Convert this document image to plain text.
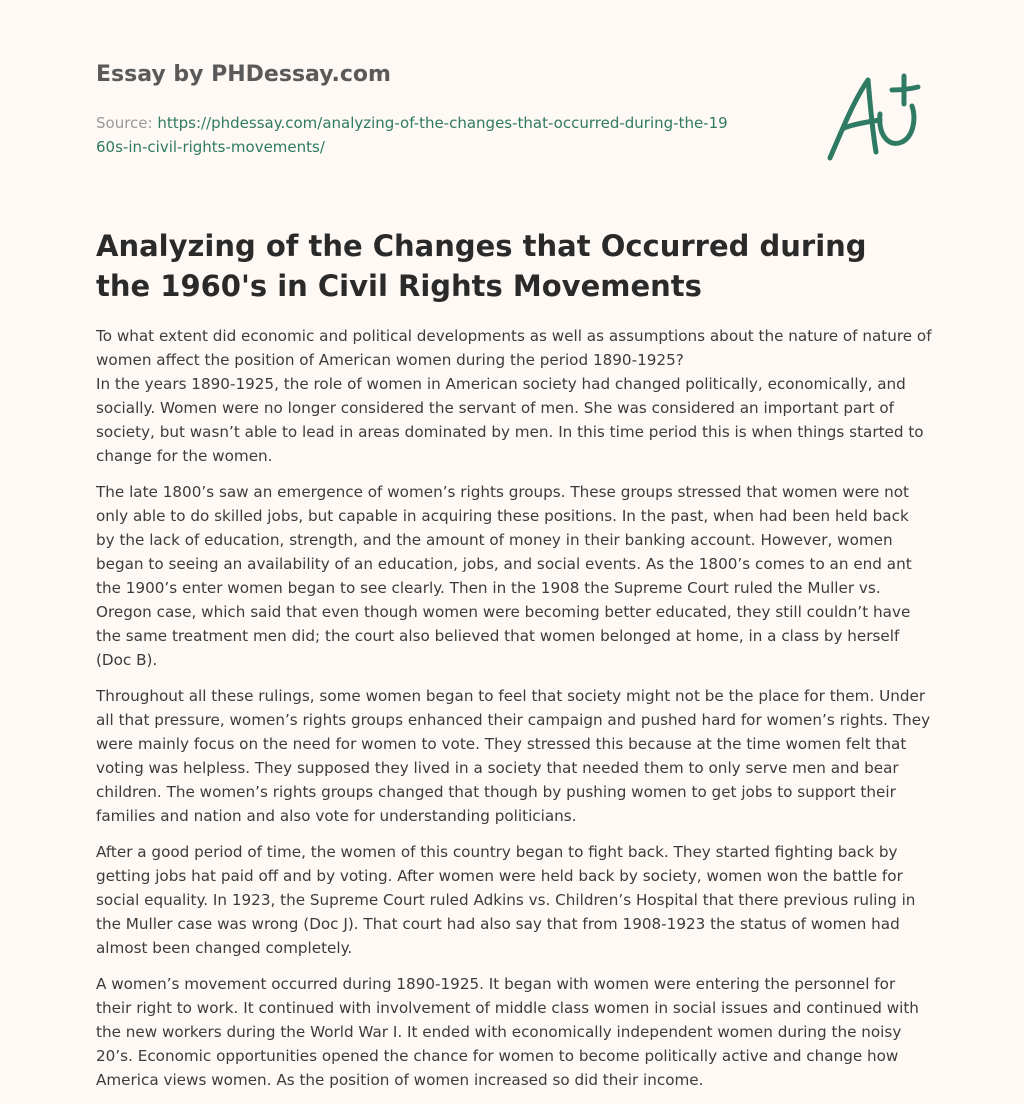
Essay by PHDessay.com
Source: https://phdessay.com/analyzing-of-the-changes-that-occurred-during-the-1960s-in-civil-rights-movements/
Analyzing of the Changes that Occurred during the 1960's in Civil Rights Movements

To what extent did economic and political developments as well as assumptions about the nature of nature of women affect the position of American women during the period 1890-1925?

In the years 1890-1925, the role of women in American society had changed politically, economically, and socially. Women were no longer considered the servant of men. She was considered an important part of society, but wasn’t able to lead in areas dominated by men. In this time period this is when things started to change for the women.

The late 1800’s saw an emergence of women’s rights groups. These groups stressed that women were not only able to do skilled jobs, but capable in acquiring these positions. In the past, when had been held back by the lack of education, strength, and the amount of money in their banking account. However, women began to seeing an availability of an education, jobs, and social events. As the 1800’s comes to an end ant the 1900’s enter women began to see clearly. Then in the 1908 the Supreme Court ruled the Muller vs. Oregon case, which said that even though women were becoming better educated, they still couldn’t have the same treatment men did; the court also believed that women belonged at home, in a class by herself (Doc B).

Throughout all these rulings, some women began to feel that society might not be the place for them. Under all that pressure, women’s rights groups enhanced their campaign and pushed hard for women’s rights. They were mainly focus on the need for women to vote. They stressed this because at the time women felt that voting was helpless. They supposed they lived in a society that needed them to only serve men and bear children. The women’s rights groups changed that though by pushing women to get jobs to support their families and nation and also vote for understanding politicians.

After a good period of time, the women of this country began to fight back. They started fighting back by getting jobs hat paid off and by voting. After women were held back by society, women won the battle for social equality. In 1923, the Supreme Court ruled Adkins vs. Children’s Hospital that there previous ruling in the Muller case was wrong (Doc J). That court had also say that from 1908-1923 the status of women had almost been changed completely.

A women’s movement occurred during 1890-1925. It began with women were entering the personnel for their right to work. It continued with involvement of middle class women in social issues and continued with the new workers during the World War I. It ended with economically independent women during the noisy 20’s. Economic opportunities opened the chance for women to become politically active and change how America views women. As the position of women increased so did their income.
